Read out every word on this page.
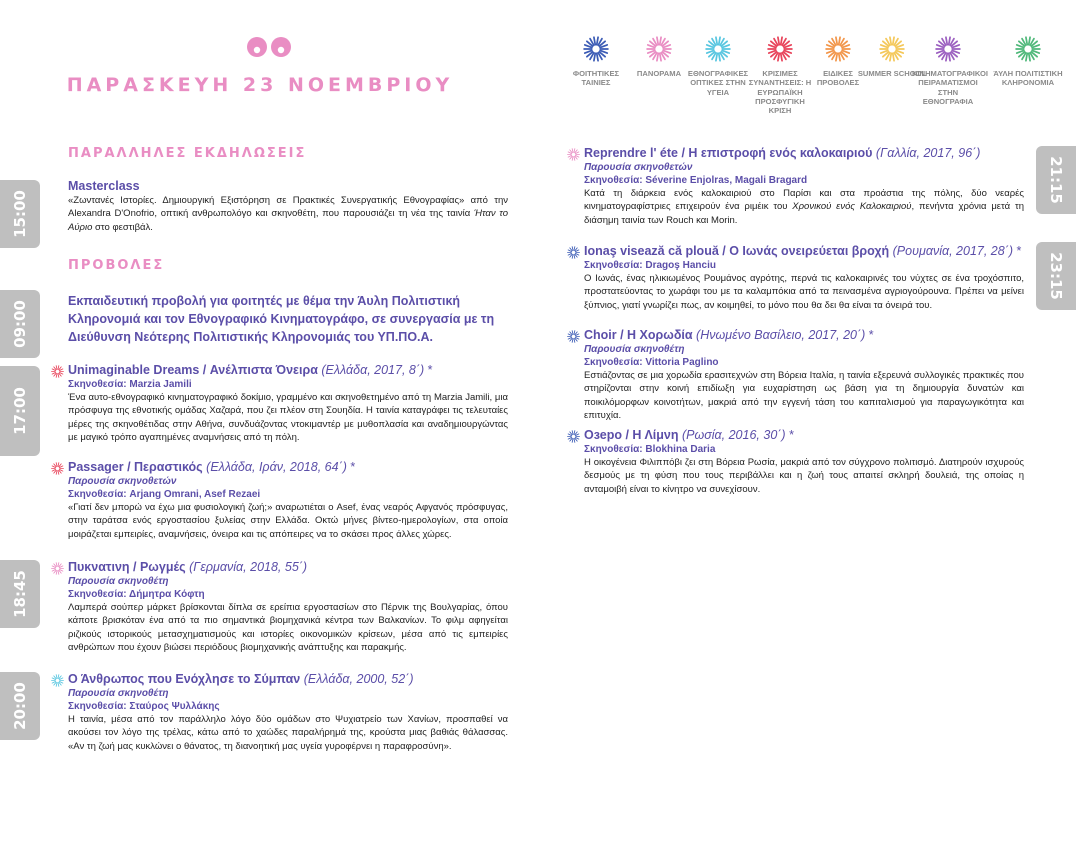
ΠΑΡΑΣΚΕΥΗ 23 ΝΟΕΜΒΡΙΟΥ
ΦΟΙΤΗΤΙΚΕΣ ΤΑΙΝΙΕΣ
ΠΑΝΟΡΑΜΑ ΕΘΝΟΓΡΑΦΙΚΕΣ ΟΠΤΙΚΕΣ ΣΤΗΝ ΥΓΕΙΑ
ΚΡΙΣΙΜΕΣ ΣΥΝΑΝΤΗΣΕΙΣ: Η ΕΥΡΩΠΑΪΚΗ ΠΡΟΣΦΥΓΙΚΗ ΚΡΙΣΗ
ΕΙΔΙΚΕΣ ΠΡΟΒΟΛΕΣ
SUMMER SCHOOL
ΚΙΝΗΜΑΤΟΓΡΑΦΙΚΟΙ ΠΕΙΡΑΜΑΤΙΣΜΟΙ ΣΤΗΝ ΕΘΝΟΓΡΑΦΙΑ
ΆΥΛΗ ΠΟΛΙΤΙΣΤΙΚΗ ΚΛΗΡΟΝΟΜΙΑ
15:00
09:00
17:00
18:45
20:00
21:15
23:15
ΠΑΡΑΛΛΗΛΕΣ ΕΚΔΗΛΩΣΕΙΣ
Masterclass
«Ζωντανές Ιστορίες. Δημιουργική Εξιστόρηση σε Πρακτικές Συνεργατικής Εθνογραφίας» από την Alexandra D'Onofrio, οπτική ανθρωπολόγο και σκηνοθέτη, που παρουσιάζει τη νέα της ταινία Ήταν το Αύριο στο φεστιβάλ.
ΠΡΟΒΟΛΕΣ
Εκπαιδευτική προβολή για φοιτητές με θέμα την Άυλη Πολιτιστική Κληρονομιά και τον Εθνογραφικό Κινηματογράφο, σε συνεργασία με τη Διεύθυνση Νεότερης Πολιτιστικής Κληρονομιάς του ΥΠ.ΠΟ.Α.
Unimaginable Dreams / Ανέλπιστα Όνειρα (Ελλάδα, 2017, 8΄) *
Σκηνοθεσία: Marzia Jamili
Ένα αυτο-εθνογραφικό κινηματογραφικό δοκίμιο, γραμμένο και σκηνοθετημένο από τη Marzia Jamili, μια πρόσφυγα της εθνοτικής ομάδας Χαζαρά, που ζει πλέον στη Σουηδία. Η ταινία καταγράφει τις τελευταίες μέρες της σκηνοθέτιδας στην Αθήνα, συνδυάζοντας ντοκιμαντέρ με μυθοπλασία και αναδημιουργώντας με μαγικό τρόπο αγαπημένες αναμνήσεις από τη πόλη.
Passager / Περαστικός (Ελλάδα, Ιράν, 2018, 64΄) *
Παρουσία σκηνοθετών
Σκηνοθεσία: Arjang Omrani, Asef Rezaei
«Γιατί δεν μπορώ να έχω μια φυσιολογική ζωή;» αναρωτιέται ο Asef, ένας νεαρός Αφγανός πρόσφυγας, στην ταράτσα ενός εργοστασίου ξυλείας στην Ελλάδα. Οκτώ μήνες βίντεο-ημερολογίων, στα οποία μοιράζεται εμπειρίες, αναμνήσεις, όνειρα και τις απόπειρες να το σκάσει προς άλλες χώρες.
Πυκνατινη / Ρωγμές (Γερμανία, 2018, 55΄)
Παρουσία σκηνοθέτη
Σκηνοθεσία: Δήμητρα Κόφτη
Λαμπερά σούπερ μάρκετ βρίσκονται δίπλα σε ερείπια εργοστασίων στο Πέρνικ της Βουλγαρίας, όπου κάποτε βρισκόταν ένα από τα πιο σημαντικά βιομηχανικά κέντρα των Βαλκανίων. Το φιλμ αφηγείται ριζικούς ιστορικούς μετασχηματισμούς και ιστορίες οικονομικών κρίσεων, μέσα από τις εμπειρίες ανθρώπων που έχουν βιώσει περιόδους βιομηχανικής ανάπτυξης και παρακμής.
Ο Άνθρωπος που Ενόχλησε το Σύμπαν (Ελλάδα, 2000, 52΄)
Παρουσία σκηνοθέτη
Σκηνοθεσία: Σταύρος Ψυλλάκης
Η ταινία, μέσα από τον παράλληλο λόγο δύο ομάδων στο Ψυχιατρείο των Χανίων, προσπαθεί να ακούσει τον λόγο της τρέλας, κάτω από το χαώδες παραλήρημά της, κρούστα μιας βαθιάς θάλασσας. «Αν τη ζωή μας κυκλώνει ο θάνατος, τη διανοητική μας υγεία γυροφέρνει η παραφροσύνη».
Reprendre l' éte / Η επιστροφή ενός καλοκαιριού (Γαλλία, 2017, 96΄)
Παρουσία σκηνοθετών
Σκηνοθεσία: Séverine Enjolras, Magali Bragard
Κατά τη διάρκεια ενός καλοκαιριού στο Παρίσι και στα προάστια της πόλης, δύο νεαρές κινηματογραφίστριες επιχειρούν ένα ριμέικ του Χρονικού ενός Καλοκαιριού, πενήντα χρόνια μετά τη διάσημη ταινία των Rouch και Morin.
Ionaş visează că plouă / Ο Ιωνάς ονειρεύεται βροχή (Ρουμανία, 2017, 28΄) *
Σκηνοθεσία: Dragoş Hanciu
Ο Ιωνάς, ένας ηλικιωμένος Ρουμάνος αγρότης, περνά τις καλοκαιρινές του νύχτες σε ένα τροχόσπιτο, προστατεύοντας το χωράφι του με τα καλαμπόκια από τα πεινασμένα αγριογούρουνα. Πρέπει να μείνει ξύπνιος, γιατί γνωρίζει πως, αν κοιμηθεί, το μόνο που θα δει θα είναι τα όνειρά του.
Choir / Η Χορωδία (Ηνωμένο Βασίλειο, 2017, 20΄) *
Παρουσία σκηνοθέτη
Σκηνοθεσία: Vittoria Paglino
Εστιάζοντας σε μια χορωδία ερασιτεχνών στη Βόρεια Ιταλία, η ταινία εξερευνά συλλογικές πρακτικές που στηρίζονται στην κοινή επιδίωξη για ευχαρίστηση ως βάση για τη δημιουργία δυνατών και ποικιλόμορφων κοινοτήτων, μακριά από την εγγενή τάση του καπιταλισμού για παραγωγικότητα και επιτυχία.
Озеро / Η Λίμνη (Ρωσία, 2016, 30΄) *
Σκηνοθεσία: Blokhina Daria
Η οικογένεια Φιλιππόβι ζει στη Βόρεια Ρωσία, μακριά από τον σύγχρονο πολιτισμό. Διατηρούν ισχυρούς δεσμούς με τη φύση που τους περιβάλλει και η ζωή τους απαιτεί σκληρή δουλειά, της οποίας η ανταμοιβή είναι το κίνητρο να συνεχίσουν.
